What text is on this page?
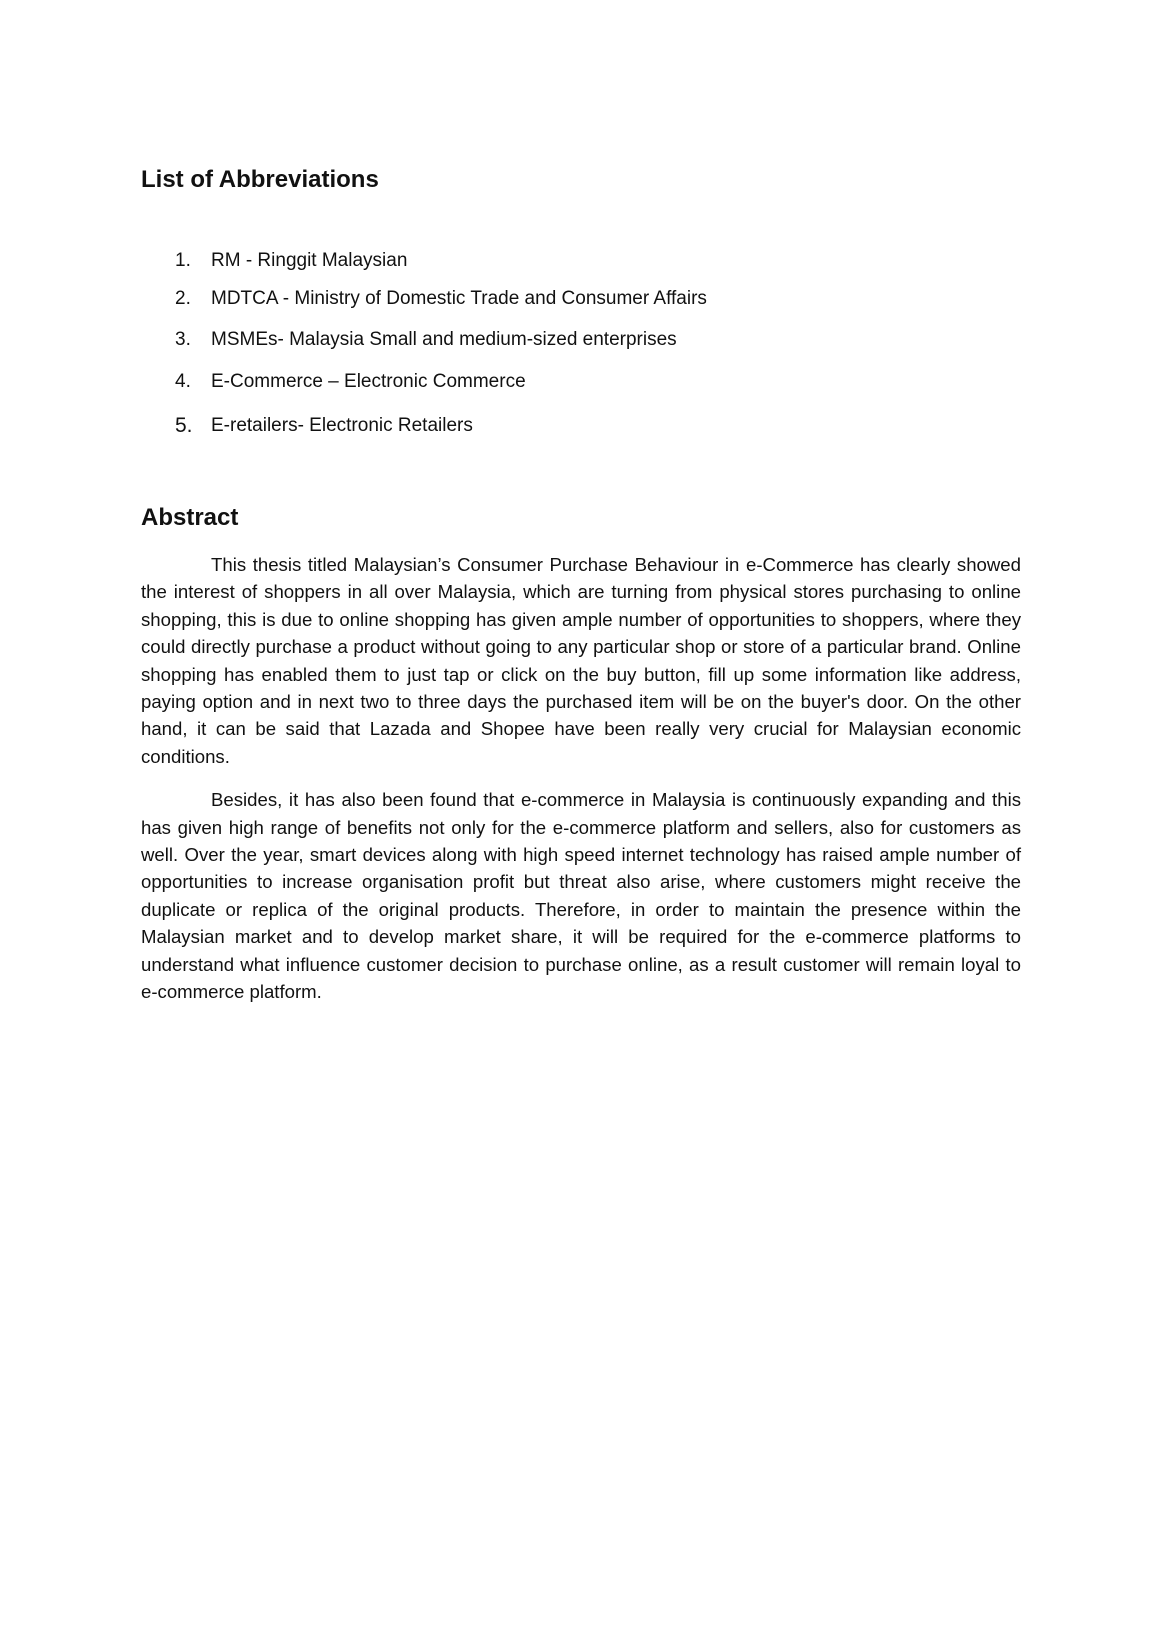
List of Abbreviations
1.	RM - Ringgit Malaysian
2.	MDTCA - Ministry of Domestic Trade and Consumer Affairs
3.	MSMEs- Malaysia Small and medium-sized enterprises
4.	E-Commerce – Electronic Commerce
5. E-retailers- Electronic Retailers
Abstract

This thesis titled Malaysian’s Consumer Purchase Behaviour in e-Commerce has clearly showed the interest of shoppers in all over Malaysia, which are turning from physical stores purchasing to online shopping, this is due to online shopping has given ample number of opportunities to shoppers, where they could directly purchase a product without going to any particular shop or store of a particular brand. Online shopping has enabled them to just tap or click on the buy button, fill up some information like address, paying option and in next two to three days the purchased item will be on the buyer's door. On the other hand, it can be said that Lazada and Shopee have been really very crucial for Malaysian economic conditions.

Besides, it has also been found that e-commerce in Malaysia is continuously expanding and this has given high range of benefits not only for the e-commerce platform and sellers, also for customers as well. Over the year, smart devices along with high speed internet technology has raised ample number of opportunities to increase organisation profit but threat also arise, where customers might receive the duplicate or replica of the original products. Therefore, in order to maintain the presence within the Malaysian market and to develop market share, it will be required for the e-commerce platforms to understand what influence customer decision to purchase online, as a result customer will remain loyal to e-commerce platform.
